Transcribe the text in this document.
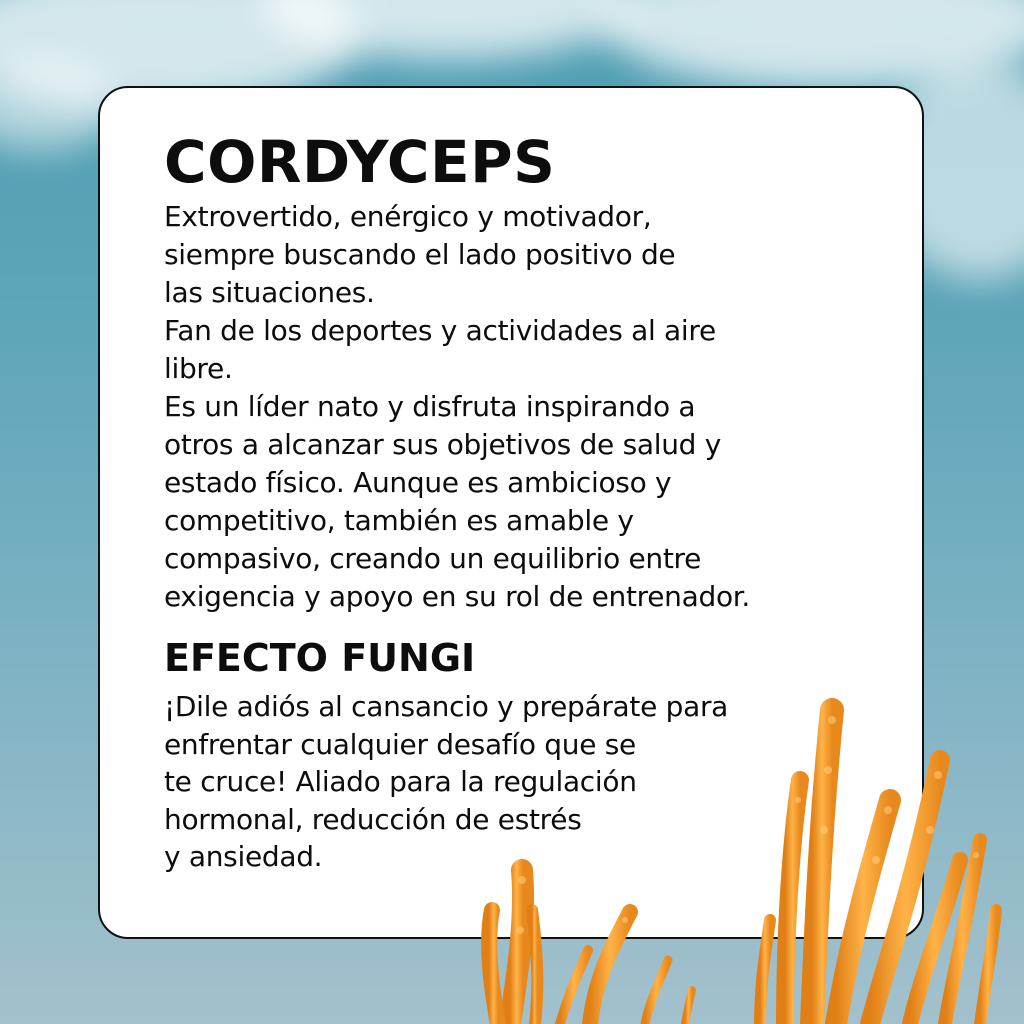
CORDYCEPS

Extrovertido, enérgico y motivador,
siempre buscando el lado positivo de
las situaciones.
Fan de los deportes y actividades al aire
libre.
Es un líder nato y disfruta inspirando a
otros a alcanzar sus objetivos de salud y
estado físico. Aunque es ambicioso y
competitivo, también es amable y
compasivo, creando un equilibrio entre
exigencia y apoyo en su rol de entrenador.

EFECTO FUNGI

¡Dile adiós al cansancio y prepárate para
enfrentar cualquier desafío que se
te cruce! Aliado para la regulación
hormonal, reducción de estrés
y ansiedad.
